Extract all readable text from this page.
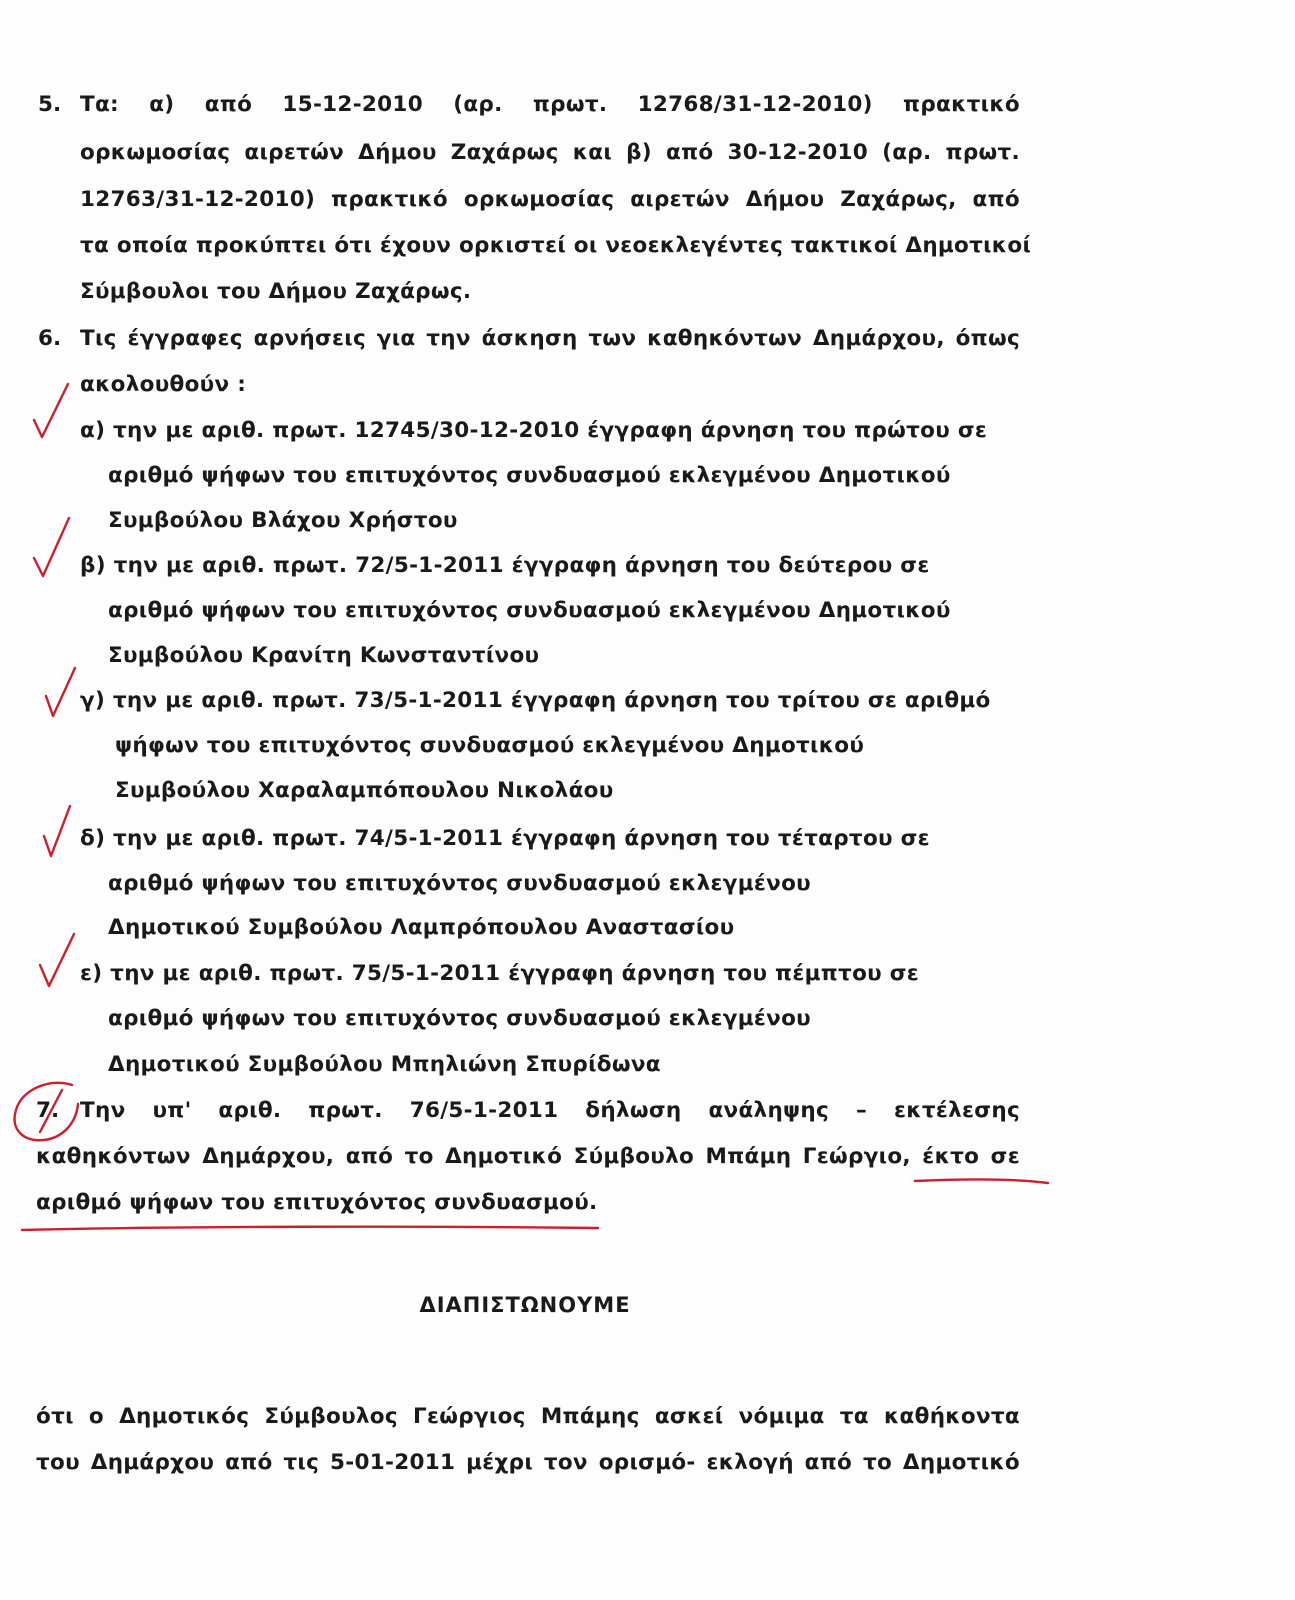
5. Τα: α) από 15-12-2010 (αρ. πρωτ. 12768/31-12-2010) πρακτικό
ορκωμοσίας αιρετών Δήμου Ζαχάρως και β) από 30-12-2010 (αρ. πρωτ.
12763/31-12-2010) πρακτικό ορκωμοσίας αιρετών Δήμου Ζαχάρως, από
τα οποία προκύπτει ότι έχουν ορκιστεί οι νεοεκλεγέντες τακτικοί Δημοτικοί
Σύμβουλοι του Δήμου Ζαχάρως.
6. Τις έγγραφες αρνήσεις για την άσκηση των καθηκόντων Δημάρχου, όπως
ακολουθούν :
α) την με αριθ. πρωτ. 12745/30-12-2010 έγγραφη άρνηση του πρώτου σε
αριθμό ψήφων του επιτυχόντος συνδυασμού εκλεγμένου Δημοτικού
Συμβούλου Βλάχου Χρήστου
β) την με αριθ. πρωτ. 72/5-1-2011 έγγραφη άρνηση του δεύτερου σε
αριθμό ψήφων του επιτυχόντος συνδυασμού εκλεγμένου Δημοτικού
Συμβούλου Κρανίτη Κωνσταντίνου
γ) την με αριθ. πρωτ. 73/5-1-2011 έγγραφη άρνηση του τρίτου σε αριθμό
ψήφων του επιτυχόντος συνδυασμού εκλεγμένου Δημοτικού
Συμβούλου Χαραλαμπόπουλου Νικολάου
δ) την με αριθ. πρωτ. 74/5-1-2011 έγγραφη άρνηση του τέταρτου σε
αριθμό ψήφων του επιτυχόντος συνδυασμού εκλεγμένου
Δημοτικού Συμβούλου Λαμπρόπουλου Αναστασίου
ε) την με αριθ. πρωτ. 75/5-1-2011 έγγραφη άρνηση του πέμπτου σε
αριθμό ψήφων του επιτυχόντος συνδυασμού εκλεγμένου
Δημοτικού Συμβούλου Μπηλιώνη Σπυρίδωνα
7. Την υπ' αριθ. πρωτ. 76/5-1-2011 δήλωση ανάληψης – εκτέλεσης
καθηκόντων Δημάρχου, από το Δημοτικό Σύμβουλο Μπάμη Γεώργιο, έκτο σε
αριθμό ψήφων του επιτυχόντος συνδυασμού.
ΔΙΑΠΙΣΤΩΝΟΥΜΕ
ότι ο Δημοτικός Σύμβουλος Γεώργιος Μπάμης ασκεί νόμιμα τα καθήκοντα
του Δημάρχου από τις 5-01-2011 μέχρι τον ορισμό- εκλογή από το Δημοτικό
